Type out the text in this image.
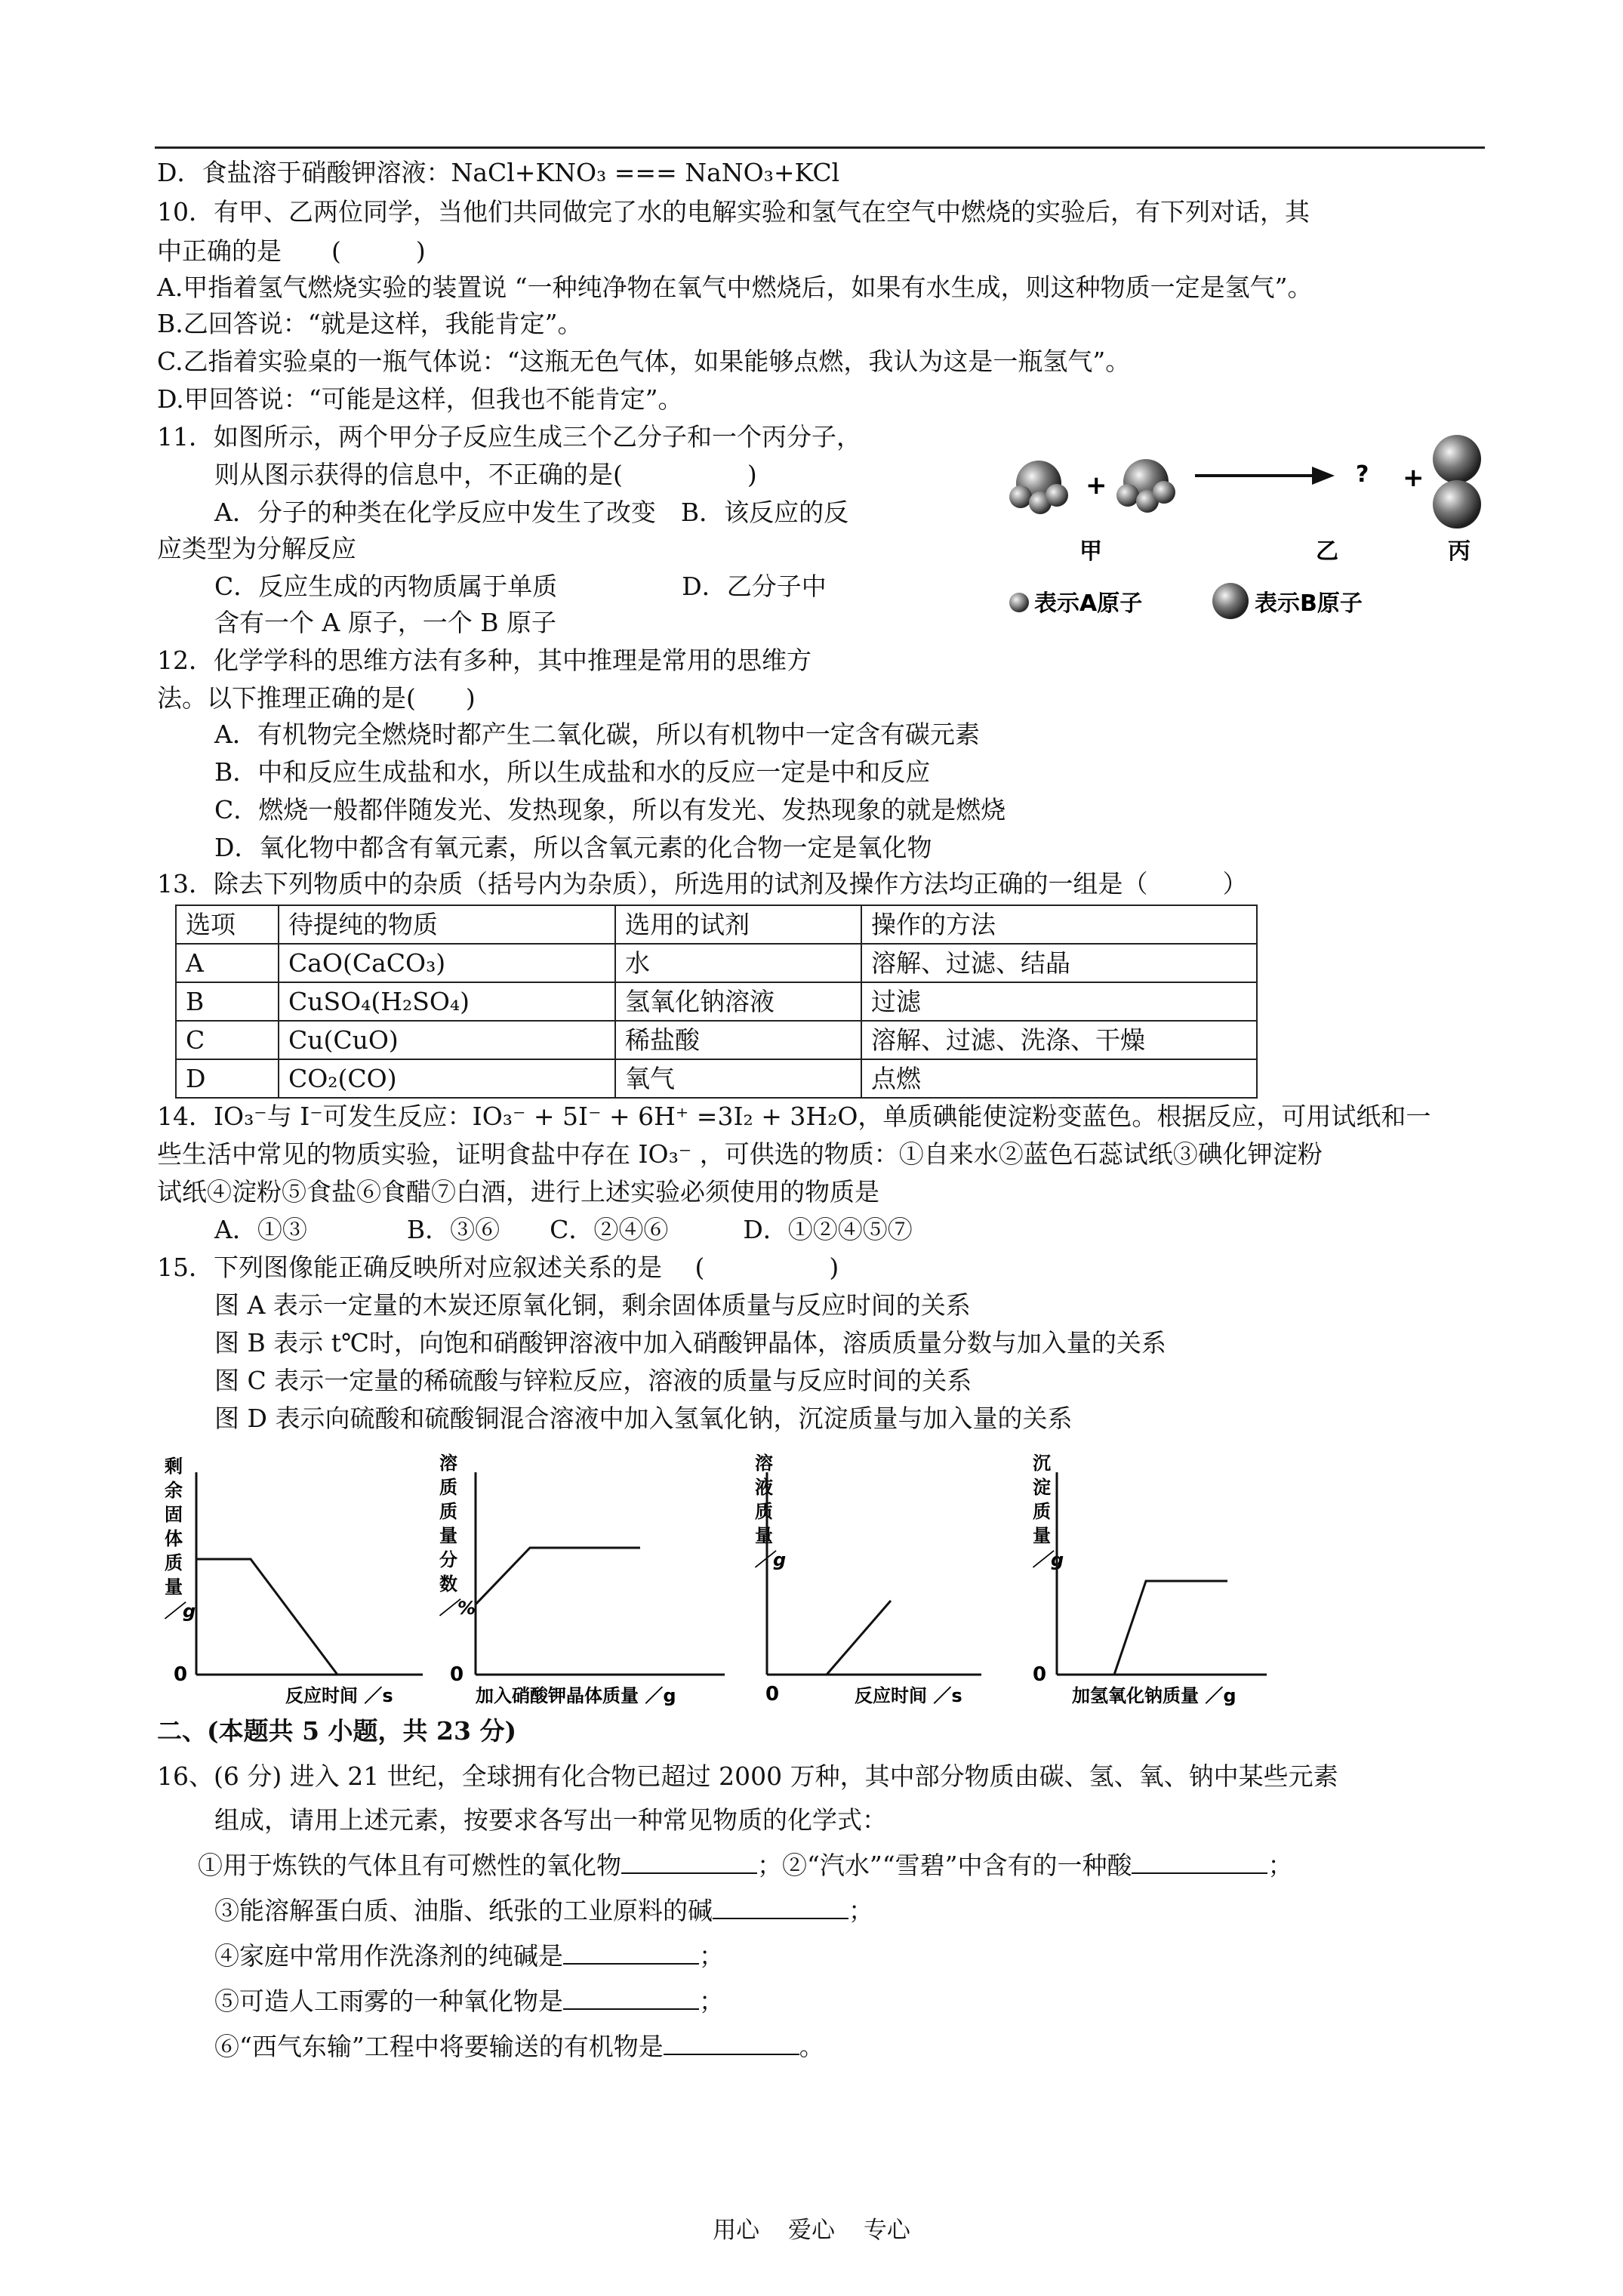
D．食盐溶于硝酸钾溶液：NaCl+KNO₃ === NaNO₃+KCl
10．有甲、乙两位同学，当他们共同做完了水的电解实验和氢气在空气中燃烧的实验后，有下列对话，其
中正确的是　　(　　　)
A.甲指着氢气燃烧实验的装置说 “一种纯净物在氧气中燃烧后，如果有水生成，则这种物质一定是氢气”。
B.乙回答说：“就是这样，我能肯定”。
C.乙指着实验桌的一瓶气体说：“这瓶无色气体，如果能够点燃，我认为这是一瓶氢气”。
D.甲回答说：“可能是这样，但我也不能肯定”。
11．如图所示，两个甲分子反应生成三个乙分子和一个丙分子，
则从图示获得的信息中，不正确的是(　　　　　)
A．分子的种类在化学反应中发生了改变　B．该反应的反
应类型为分解反应
C．反应生成的丙物质属于单质　　　　　D．乙分子中
含有一个 A 原子，一个 B 原子
+	? +
甲	乙	丙
表示A原子	表示B原子
12．化学学科的思维方法有多种，其中推理是常用的思维方
法。以下推理正确的是(　　)
A．有机物完全燃烧时都产生二氧化碳，所以有机物中一定含有碳元素
B．中和反应生成盐和水，所以生成盐和水的反应一定是中和反应
C．燃烧一般都伴随发光、发热现象，所以有发光、发热现象的就是燃烧
D．氧化物中都含有氧元素，所以含氧元素的化合物一定是氧化物
13．除去下列物质中的杂质（括号内为杂质），所选用的试剂及操作方法均正确的一组是（　　　）
选项	待提纯的物质	选用的试剂	操作的方法
A	CaO(CaCO₃)	水	溶解、过滤、结晶
B	CuSO₄(H₂SO₄)	氢氧化钠溶液	过滤
C	Cu(CuO)	稀盐酸	溶解、过滤、洗涤、干燥
D	CO₂(CO)	氧气	点燃
14．IO₃⁻与 I⁻可发生反应：IO₃⁻ + 5I⁻ + 6H⁺ =3I₂ + 3H₂O，单质碘能使淀粉变蓝色。根据反应，可用试纸和一
些生活中常见的物质实验，证明食盐中存在 IO₃⁻ ，可供选的物质：①自来水②蓝色石蕊试纸③碘化钾淀粉
试纸④淀粉⑤食盐⑥食醋⑦白酒，进行上述实验必须使用的物质是
A．①③　　　　B．③⑥　　C．②④⑥　　　D．①②④⑤⑦
15．下列图像能正确反映所对应叙述关系的是　 (　　　　　)
图 A 表示一定量的木炭还原氧化铜，剩余固体质量与反应时间的关系
图 B 表示 t℃时，向饱和硝酸钾溶液中加入硝酸钾晶体，溶质质量分数与加入量的关系
图 C 表示一定量的稀硫酸与锌粒反应，溶液的质量与反应时间的关系
图 D 表示向硫酸和硫酸铜混合溶液中加入氢氧化钠，沉淀质量与加入量的关系
剩
余
固
体
质
量
／g
0
反应时间 ／s
溶
质
质
量
分
数
／%
0
加入硝酸钾晶体质量 ／g
溶
液
质
量
／g
0	反应时间 ／s
沉
淀
质
量
／g
0
加氢氧化钠质量 ／g
二、(本题共 5 小题，共 23 分)
16、(6 分) 进入 21 世纪，全球拥有化合物已超过 2000 万种，其中部分物质由碳、氢、氧、钠中某些元素
组成，请用上述元素，按要求各写出一种常见物质的化学式：
①用于炼铁的气体且有可燃性的氧化物	；②“汽水”“雪碧”中含有的一种酸	；
③能溶解蛋白质、油脂、纸张的工业原料的碱	；
④家庭中常用作洗涤剂的纯碱是	；
⑤可造人工雨雾的一种氧化物是	；
⑥“西气东输”工程中将要输送的有机物是	。
用心 爱心 专心
